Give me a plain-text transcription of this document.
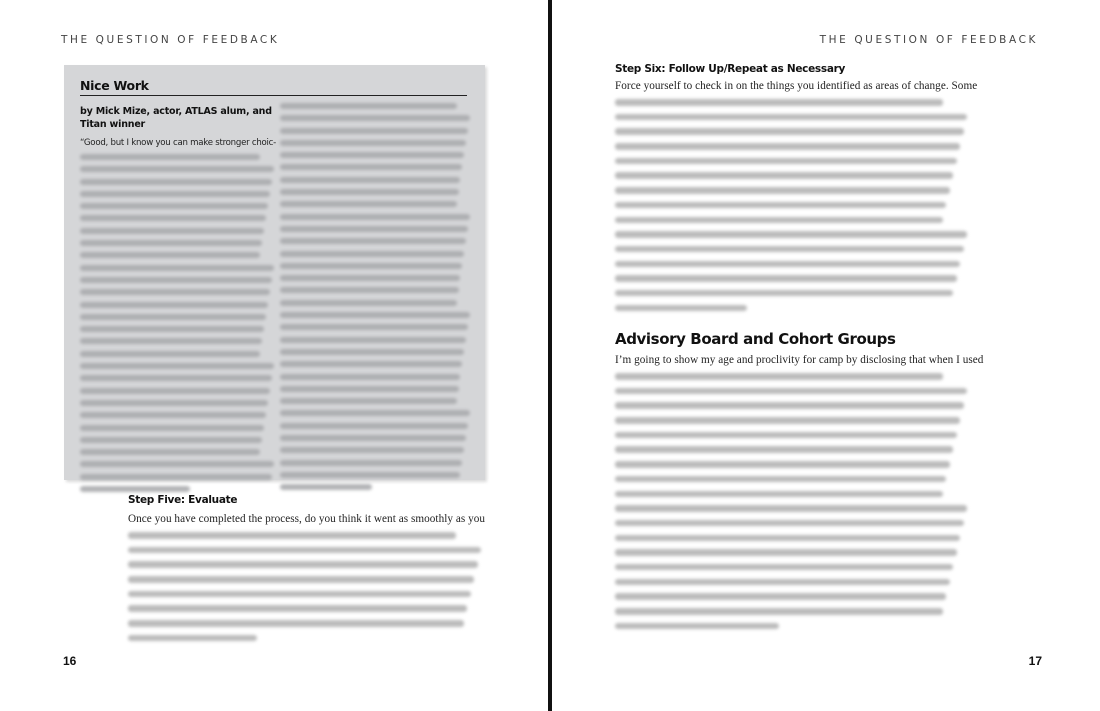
THE QUESTION OF FEEDBACK
Nice Work
by Mick Mize, actor, ATLAS alum, and Titan winner
“Good, but I know you can make stronger choic-
Step Five: Evaluate
Once you have completed the process, do you think it went as smoothly as you
16
THE QUESTION OF FEEDBACK
Step Six: Follow Up/Repeat as Necessary
Force yourself to check in on the things you identified as areas of change. Some
Advisory Board and Cohort Groups
I’m going to show my age and proclivity for camp by disclosing that when I used
17
